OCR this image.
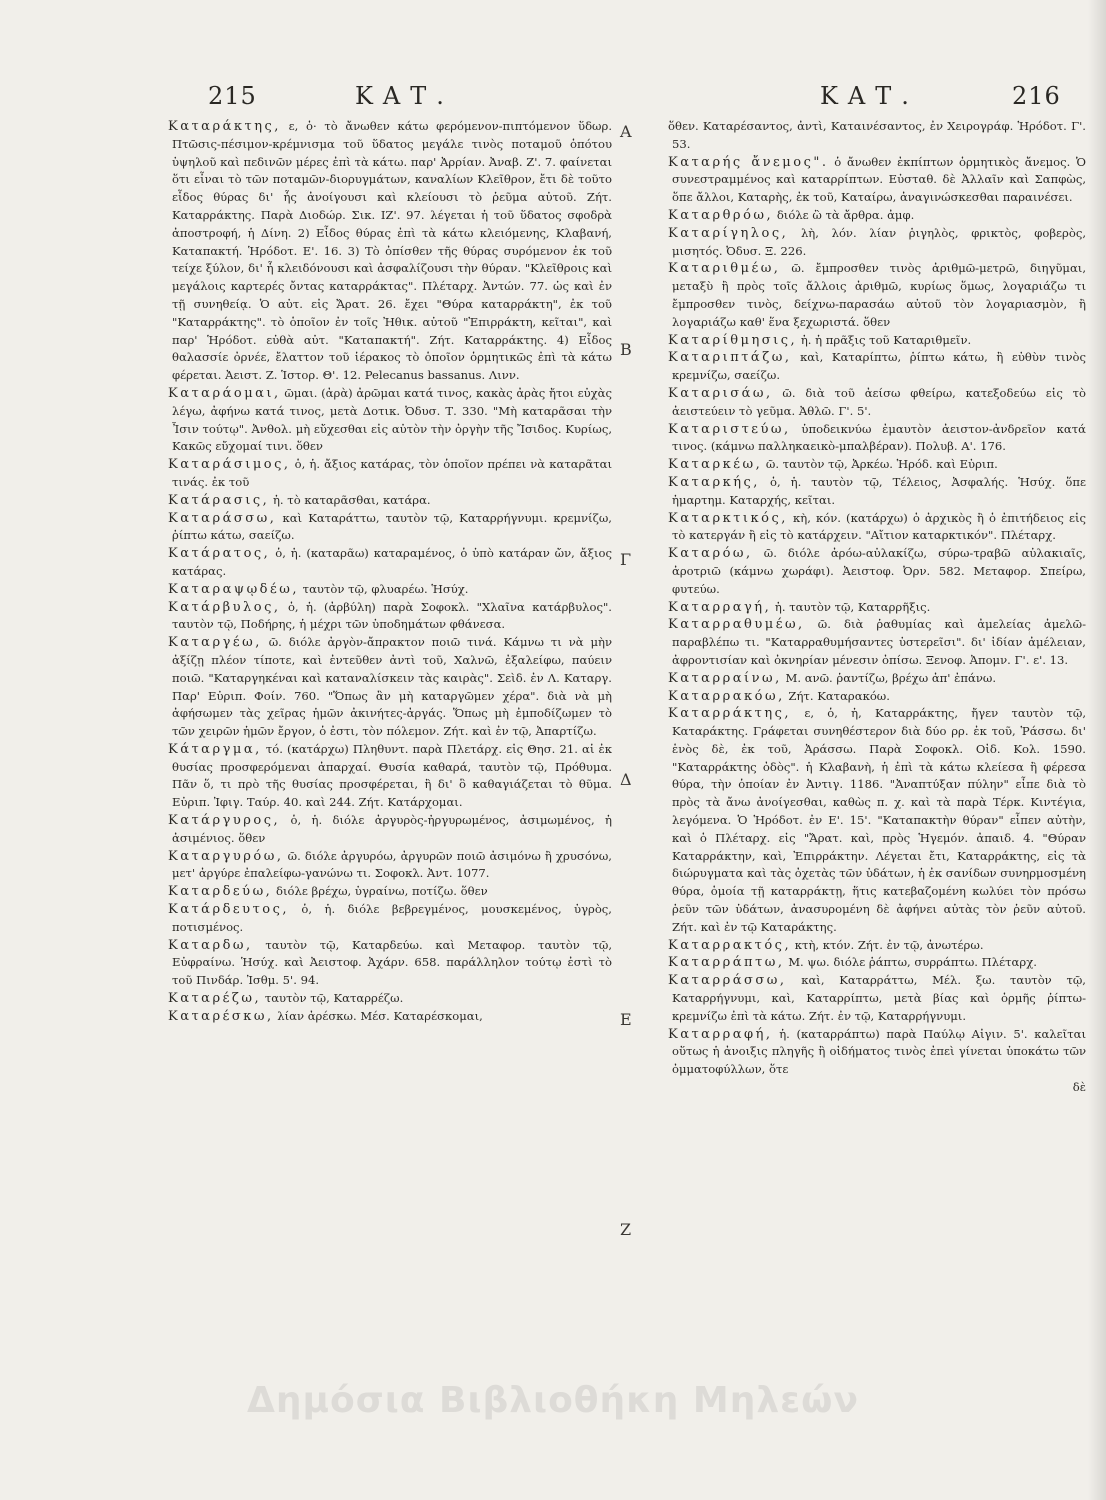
215	ΚΑΤ.	ΚΑΤ.	216

Καταράκτης, ε, ὁ· τὸ ἄνωθεν κάτω φερόμενον-πιπτόμενον ὕδωρ. Πτῶσις-πέσιμον-κρέμνισμα τοῦ ὕδατος μεγάλε τινὸς ποταμοῦ ὁπότου ὑψηλοῦ καὶ πεδινῶν μέρες ἐπὶ τὰ κάτω. παρ' Ἀρρίαν. Ἀναβ. Ζ'. 7. φαίνεται ὅτι εἶναι τὸ τῶν ποταμῶν-διορυγμάτων, καναλίων Κλεῖθρον, ἔτι δὲ τοῦτο εἶδος θύρας δι' ἧς ἀνοίγουσι καὶ κλείουσι τὸ ῥεῦμα αὐτοῦ. Ζήτ. Καταρράκτης. Παρὰ Διοδώρ. Σικ. ΙΖ'. 97. λέγεται ἡ τοῦ ὕδατος σφοδρὰ ἀποστροφή, ἡ Δίνη. 2) Εἶδος θύρας ἐπὶ τὰ κάτω κλειόμενης, Κλαβανή, Καταπακτή. Ἡρόδοτ. Ε'. 16. 3) Τὸ ὀπίσθεν τῆς θύρας συρόμενον ἐκ τοῦ τείχε ξύλον, δι' ἧ κλειδόνουσι καὶ ἀσφαλίζουσι τὴν θύραν. "Κλεῖθροις καὶ μεγάλοις καρτερές ὄντας καταρράκτας". Πλέταρχ. Ἀντών. 77. ὡς καὶ ἐν τῇ συνηθείᾳ. Ὁ αὐτ. εἰς Ἄρατ. 26. ἔχει "Θύρα καταρράκτη", ἐκ τοῦ "Καταρράκτης". τὸ ὁποῖον ἐν τοῖς Ἠθικ. αὐτοῦ "Ἐπιρράκτη, κεῖται", καὶ παρ' Ἡρόδοτ. εὐθὰ αὐτ. "Καταπακτή". Ζήτ. Καταρράκτης. 4) Εἶδος θαλασσίε ὀρνέε, ἔλαττον τοῦ ἱέρακος τὸ ὁποῖον ὁρμητικῶς ἐπὶ τὰ κάτω φέρεται. Ἀειστ. Ζ. Ἱστορ. Θ'. 12. Pelecanus bassanus. Λινν.

Καταράομαι, ῶμαι. (ἀρὰ) ἀρῶμαι κατά τινος, κακὰς ἀρὰς ἤτοι εὐχὰς λέγω, ἀφήνω κατά τινος, μετὰ Δοτικ. Ὀδυσ. Τ. 330. "Μὴ καταρᾶσαι τὴν Ἶσιν τούτῳ". Ἀνθολ. μὴ εὔχεσθαι εἰς αὐτὸν τὴν ὀργὴν τῆς Ἴσιδος. Κυρίως, Κακῶς εὔχομαί τινι. ὅθεν

Καταράσιμος, ὁ, ἡ. ἄξιος κατάρας, τὸν ὁποῖον πρέπει νὰ καταρᾶται τινάς. ἐκ τοῦ

Κατάρασις, ἡ. τὸ καταρᾶσθαι, κατάρα.

Καταράσσω, καὶ Καταράττω, ταυτὸν τῷ, Καταρρήγνυμι. κρεμνίζω, ῥίπτω κάτω, σαείζω.

Κατάρατος, ὁ, ἡ. (καταρᾶω) καταραμένος, ὁ ὑπὸ κατάραν ὤν, ἄξιος κατάρας.

Καταραψῳδέω, ταυτὸν τῷ, φλυαρέω. Ἡσύχ.

Κατάρβυλος, ὁ, ἡ. (ἀρβύλη) παρὰ Σοφοκλ. "Χλαῖνα κατάρβυλος". ταυτὸν τῷ, Ποδήρης, ἡ μέχρι τῶν ὑποδημάτων φθάνεσα.

Καταργέω, ῶ. διόλε ἀργὸν-ἄπρακτον ποιῶ τινά. Κάμνω τι νὰ μὴν ἀξίζῃ πλέον τίποτε, καὶ ἐντεῦθεν ἀντὶ τοῦ, Χαλνῶ, ἐξαλείφω, παύειν ποιῶ. "Καταργηκέναι καὶ καταναλίσκειν τὰς καιρὰς". Σεὶδ. ἐν Λ. Καταργ. Παρ' Εὐριπ. Φοίν. 760. "Ὅπως ἂν μὴ καταργῶμεν χέρα". διὰ νὰ μὴ ἀφήσωμεν τὰς χεῖρας ἡμῶν ἀκινήτες-ἀργάς. Ὅπως μὴ ἐμποδίζωμεν τὸ τῶν χειρῶν ἡμῶν ἔργον, ὁ ἐστι, τὸν πόλεμον. Ζήτ. καὶ ἐν τῷ, Ἀπαρτίζω.

Κάταργμα, τό. (κατάρχω) Πληθυντ. παρὰ Πλετάρχ. εἰς Θησ. 21. αἱ ἐκ θυσίας προσφερόμεναι ἀπαρχαί. Θυσία καθαρά, ταυτὸν τῷ, Πρόθυμα. Πᾶν ὅ, τι πρὸ τῆς θυσίας προσφέρεται, ἢ δι' ὃ καθαγιάζεται τὸ θῦμα. Εὐριπ. Ἰφιγ. Ταύρ. 40. καὶ 244. Ζήτ. Κατάρχομαι.

Κατάργυρος, ὁ, ἡ. διόλε ἀργυρὸς-ἠργυρωμένος, ἀσιμωμένος, ἡ ἀσιμένιος. ὅθεν

Καταργυρόω, ῶ. διόλε ἀργυρόω, ἀργυρῶν ποιῶ ἀσιμόνω ἢ χρυσόνω, μετ' ἀργύρε ἐπαλείφω-γανώνω τι. Σοφοκλ. Ἀντ. 1077.

Καταρδεύω, διόλε βρέχω, ὑγραίνω, ποτίζω. ὅθεν

Κατάρδευτος, ὁ, ἡ. διόλε βεβρεγμένος, μουσκεμένος, ὑγρὸς, ποτισμένος.

Καταρδω, ταυτὸν τῷ, Καταρδεύω. καὶ Μεταφορ. ταυτὸν τῷ, Εὐφραίνω. Ἡσύχ. καὶ Ἀειστοφ. Ἀχάρν. 658. παράλληλον τούτῳ ἐστὶ τὸ τοῦ Πινδάρ. Ἰσθμ. 5'. 94.

Καταρέζω, ταυτὸν τῷ, Καταρρέζω.

Καταρέσκω, λίαν ἀρέσκω. Μέσ. Καταρέσκομαι,

Α
Β
Γ
Δ
Ε
Ζ

ὅθεν. Καταρέσαντος, ἀντὶ, Καταινέσαντος, ἐν Χειρογράφ. Ἡρόδοτ. Γ'. 53.

Καταρής ἄνεμος". ὁ ἄνωθεν ἐκπίπτων ὁρμητικὸς ἄνεμος. Ὁ συνεστραμμένος καὶ καταρρίπτων. Εὐσταθ. δὲ Ἀλλαῖν καὶ Σαπφὼς, ὅπε ἄλλοι, Καταρὴς, ἐκ τοῦ, Καταίρω, ἀναγινώσκεσθαι παραινέσει.

Καταρθρόω, διόλε ὢ τὰ ἄρθρα. ἀμφ.

Καταρίγηλος, λὴ, λόν. λίαν ῥιγηλὸς, φρικτὸς, φοβερὸς, μισητός. Ὀδυσ. Ξ. 226.

Καταριθμέω, ῶ. ἔμπροσθεν τινὸς ἀριθμῶ-μετρῶ, διηγῦμαι, μεταξὺ ἢ πρὸς τοῖς ἄλλοις ἀριθμῶ, κυρίως ὅμως, λογαριάζω τι ἔμπροσθεν τινὸς, δείχνω-παρασάω αὐτοῦ τὸν λογαριασμὸν, ἢ λογαριάζω καθ' ἕνα ξεχωριστά. ὅθεν

Καταρίθμησις, ἡ. ἡ πρᾶξις τοῦ Καταριθμεῖν.

Καταριπτάζω, καὶ, Καταρίπτω, ῥίπτω κάτω, ἢ εὐθὺν τινὸς κρεμνίζω, σαείζω.

Καταρισάω, ῶ. διὰ τοῦ ἀείσω φθείρω, κατεξοδεύω εἰς τὸ ἀειστεύειν τὸ γεῦμα. Ἀθλῶ. Γ'. 5'.

Καταριστεύω, ὑποδεικνύω ἐμαυτὸν ἀειστον-ἀνδρεῖον κατά τινος. (κάμνω παλληκαεικὸ-μπαλβέραν). Πολυβ. Α'. 176.

Καταρκέω, ῶ. ταυτὸν τῷ, Ἀρκέω. Ἡρόδ. καὶ Εὐριπ.

Καταρκής, ὁ, ἡ. ταυτὸν τῷ, Τέλειος, Ἀσφαλής. Ἡσύχ. ὅπε ἡμαρτημ. Καταρχής, κεῖται.

Καταρκτικός, κὴ, κόν. (κατάρχω) ὁ ἀρχικὸς ἢ ὁ ἐπιτήδειος εἰς τὸ κατεργάν ἢ εἰς τὸ κατάρχειν. "Αἴτιον καταρκτικόν". Πλέταρχ.

Καταρόω, ῶ. διόλε ἀρόω-αὐλακίζω, σύρω-τραβῶ αὐλακιαῖς, ἀροτριῶ (κάμνω χωράφι). Ἀειστοφ. Ὀρν. 582. Μεταφορ. Σπείρω, φυτεύω.

Καταρραγή, ἡ. ταυτὸν τῷ, Καταρρῆξις.

Καταρραθυμέω, ῶ. διὰ ῥαθυμίας καὶ ἀμελείας ἀμελῶ-παραβλέπω τι. "Καταρραθυμήσαντες ὑστερεῖσι". δι' ἰδίαν ἀμέλειαν, ἀφροντισίαν καὶ ὀκνηρίαν μένεσιν ὀπίσω. Ξενοφ. Ἀπομν. Γ'. ε'. 13.

Καταρραίνω, Μ. ανῶ. ῥαντίζω, βρέχω ἀπ' ἐπάνω.

Καταρρακόω, Ζήτ. Καταρακόω.

Καταρράκτης, ε, ὁ, ἡ, Καταρράκτης, ἤγεν ταυτὸν τῷ, Καταράκτης. Γράφεται συνηθέστερον διὰ δύο ρρ. ἐκ τοῦ, Ῥάσσω. δι' ἑνὸς δὲ, ἐκ τοῦ, Ἀράσσω. Παρὰ Σοφοκλ. Οἰδ. Κολ. 1590. "Καταρράκτης ὀδὸς". ἡ Κλαβανὴ, ἡ ἐπὶ τὰ κάτω κλείεσα ἢ φέρεσα θύρα, τὴν ὁποίαν ἐν Ἀντιγ. 1186. "Ἀναπτύξαν πύλην" εἶπε διὰ τὸ πρὸς τὰ ἄνω ἀνοίγεσθαι, καθὼς π. χ. καὶ τὰ παρὰ Τέρκ. Κιντέγια, λεγόμενα. Ὁ Ἡρόδοτ. ἐν Ε'. 15'. "Καταπακτὴν θύραν" εἶπεν αὐτὴν, καὶ ὁ Πλέταρχ. εἰς "Ἄρατ. καὶ, πρὸς Ἡγεμόν. ἀπαιδ. 4. "Θύραν Καταρράκτην, καὶ, Ἐπιρράκτην. Λέγεται ἔτι, Καταρράκτης, εἰς τὰ διώρυγματα καὶ τὰς ὀχετὰς τῶν ὑδάτων, ἡ ἐκ σανίδων συνηρμοσμένη θύρα, ὁμοία τῇ καταρράκτῃ, ἥτις κατεβαζομένη κωλύει τὸν πρόσω ῥεῦν τῶν ὑδάτων, ἀνασυρομένη δὲ ἀφήνει αὐτὰς τὸν ῥεῦν αὐτοῦ. Ζήτ. καὶ ἐν τῷ Καταράκτης.

Καταρρακτός, κτὴ, κτόν. Ζήτ. ἐν τῷ, ἀνωτέρω.

Καταρράπτω, Μ. ψω. διόλε ῥάπτω, συρράπτω. Πλέταρχ.

Καταρράσσω, καὶ, Καταρράττω, Μέλ. ξω. ταυτὸν τῷ, Καταρρήγνυμι, καὶ, Καταρρίπτω, μετὰ βίας καὶ ὁρμῆς ῥίπτω-κρεμνίζω ἐπὶ τὰ κάτω. Ζήτ. ἐν τῷ, Καταρρήγνυμι.

Καταρραφή, ἡ. (καταρράπτω) παρὰ Παύλῳ Αἰγιν. 5'. καλεῖται οὕτως ἡ ἀνοιξις πληγῆς ἢ οἰδήματος τινὸς ἐπεὶ γίνεται ὑποκάτω τῶν ὀμματοφύλλων, ὅτε

δὲ
Δημόσια Βιβλιοθήκη Μηλεών
